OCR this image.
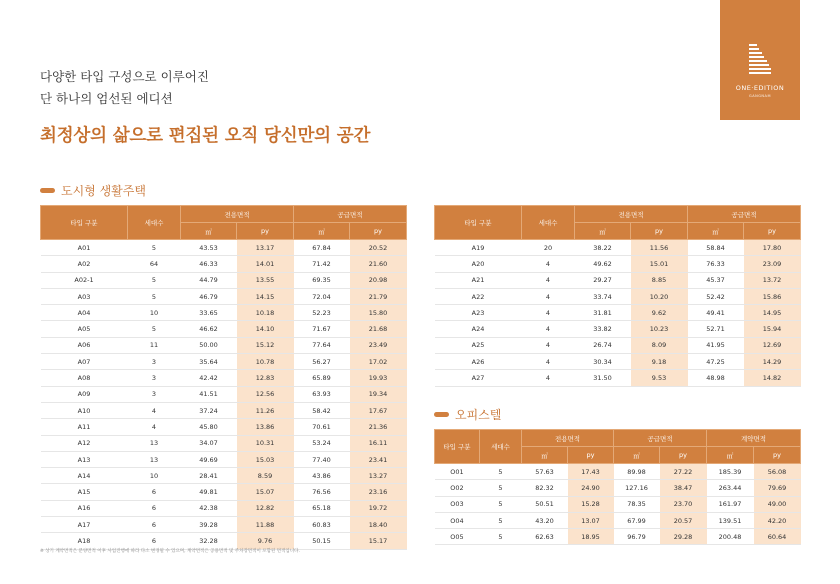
ONE·EDITION
GANGNAM
다양한 타입 구성으로 이루어진
단 하나의 엄선된 에디션
최정상의 삶으로 편집된 오직 당신만의 공간
도시형 생활주택
오피스텔
타입 구분	세대수	전용면적		공급면적	
		㎡	py	㎡	py
A01	5	43.53	13.17	67.84	20.52
A02	64	46.33	14.01	71.42	21.60
A02-1	5	44.79	13.55	69.35	20.98
A03	5	46.79	14.15	72.04	21.79
A04	10	33.65	10.18	52.23	15.80
A05	5	46.62	14.10	71.67	21.68
A06	11	50.00	15.12	77.64	23.49
A07	3	35.64	10.78	56.27	17.02
A08	3	42.42	12.83	65.89	19.93
A09	3	41.51	12.56	63.93	19.34
A10	4	37.24	11.26	58.42	17.67
A11	4	45.80	13.86	70.61	21.36
A12	13	34.07	10.31	53.24	16.11
A13	13	49.69	15.03	77.40	23.41
A14	10	28.41	8.59	43.86	13.27
A15	6	49.81	15.07	76.56	23.16
A16	6	42.38	12.82	65.18	19.72
A17	6	39.28	11.88	60.83	18.40
A18	6	32.28	9.76	50.15	15.17
타입 구분	세대수	전용면적		공급면적	
		㎡	py	㎡	py
A19	20	38.22	11.56	58.84	17.80
A20	4	49.62	15.01	76.33	23.09
A21	4	29.27	8.85	45.37	13.72
A22	4	33.74	10.20	52.42	15.86
A23	4	31.81	9.62	49.41	14.95
A24	4	33.82	10.23	52.71	15.94
A25	4	26.74	8.09	41.95	12.69
A26	4	30.34	9.18	47.25	14.29
A27	4	31.50	9.53	48.98	14.82
타입 구분	세대수	전용면적		공급면적		계약면적	
		㎡	py	㎡	py	㎡	py
O01	5	57.63	17.43	89.98	27.22	185.39	56.08
O02	5	82.32	24.90	127.16	38.47	263.44	79.69
O03	5	50.51	15.28	78.35	23.70	161.97	49.00
O04	5	43.20	13.07	67.99	20.57	139.51	42.20
O05	5	62.63	18.95	96.79	29.28	200.48	60.64
※ 상기 계약면적은 분양면적 이후 사업진행에 따라 다소 변경될 수 있으며, 계약면적은 공용면적 및 주차장면적이 포함된 면적입니다.
